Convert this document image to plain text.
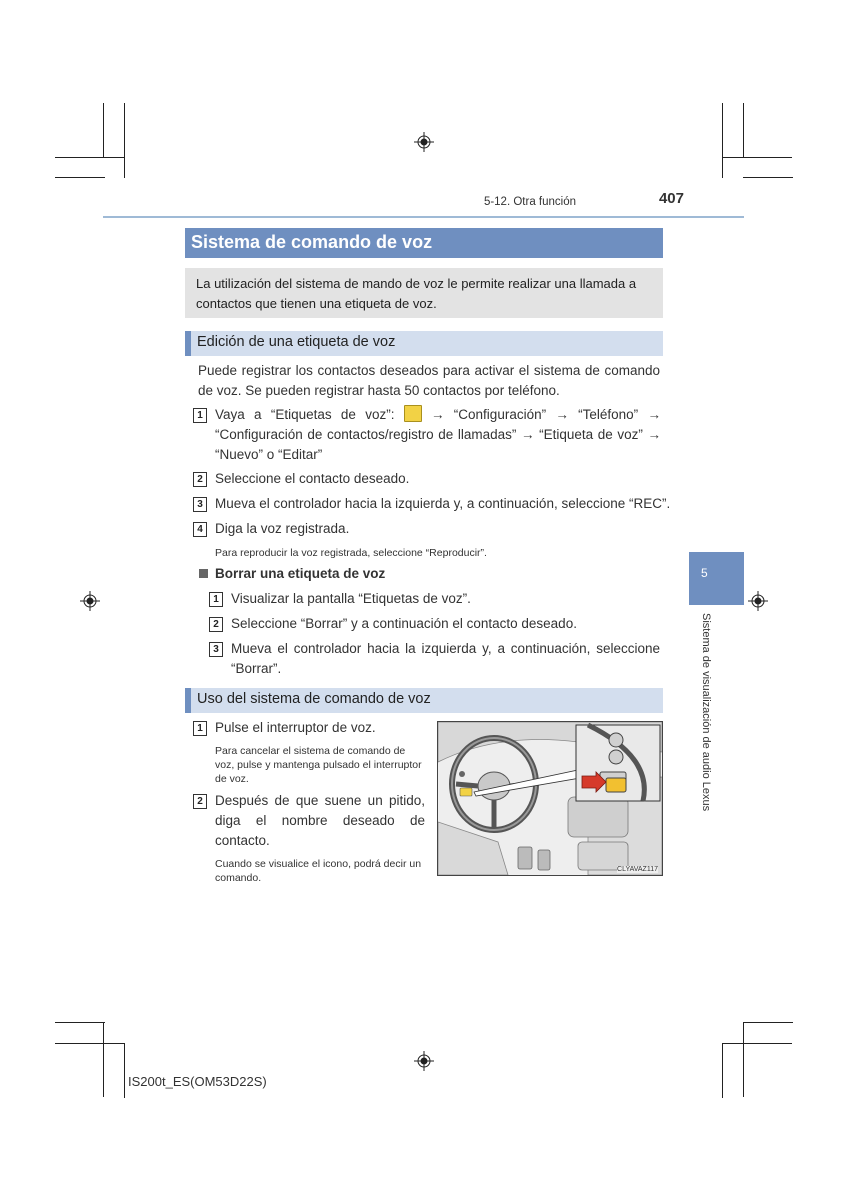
5-12. Otra función	407
Sistema de comando de voz

La utilización del sistema de mando de voz le permite realizar una llamada a contactos que tienen una etiqueta de voz.

Edición de una etiqueta de voz

Puede registrar los contactos deseados para activar el sistema de comando de voz. Se pueden registrar hasta 50 contactos por teléfono.

1 Vaya a “Etiquetas de voz”:	→ “Configuración” → “Teléfono” → “Configuración de contactos/registro de llamadas” → “Etiqueta de voz” → “Nuevo” o “Editar”

2 Seleccione el contacto deseado.

3 Mueva el controlador hacia la izquierda y, a continuación, seleccione “REC”.

4 Diga la voz registrada.

Para reproducir la voz registrada, seleccione “Reproducir”.

Borrar una etiqueta de voz

1 Visualizar la pantalla “Etiquetas de voz”.

2 Seleccione “Borrar” y a continuación el contacto deseado.

3 Mueva el controlador hacia la izquierda y, a continuación, seleccione “Borrar”.

Uso del sistema de comando de voz
1 Pulse el interruptor de voz.

Para cancelar el sistema de comando de voz, pulse y mantenga pulsado el interruptor de voz.

2 Después de que suene un pitido, diga el nombre deseado de contacto.

Cuando se visualice el icono, podrá decir un comando.

CLYAVAZ117
5
Sistema de visualización de audio Lexus
IS200t_ES(OM53D22S)
